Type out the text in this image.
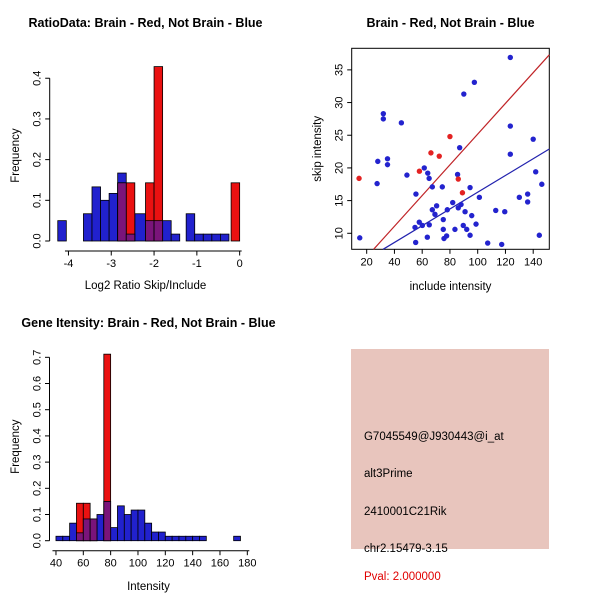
-4	-3	-2	-1	0
0.0
0.1
0.2
0.3
0.4
RatioData: Brain - Red, Not Brain - Blue
Log2 Ratio Skip/Include
Frequency
20 40 60 80 100 120 140
10
15
20
25
30
35
Brain - Red, Not Brain - Blue
include intensity
skip intensity
40 60 80 100 120 140 160 180
0.0
0.1
0.2
0.3
0.4
0.5
0.6
0.7
Gene Itensity: Brain - Red, Not Brain - Blue
Intensity
Frequency	G7045549@J930443@i_at
alt3Prime
2410001C21Rik
chr2.15479-3.15
Pval: 2.000000
